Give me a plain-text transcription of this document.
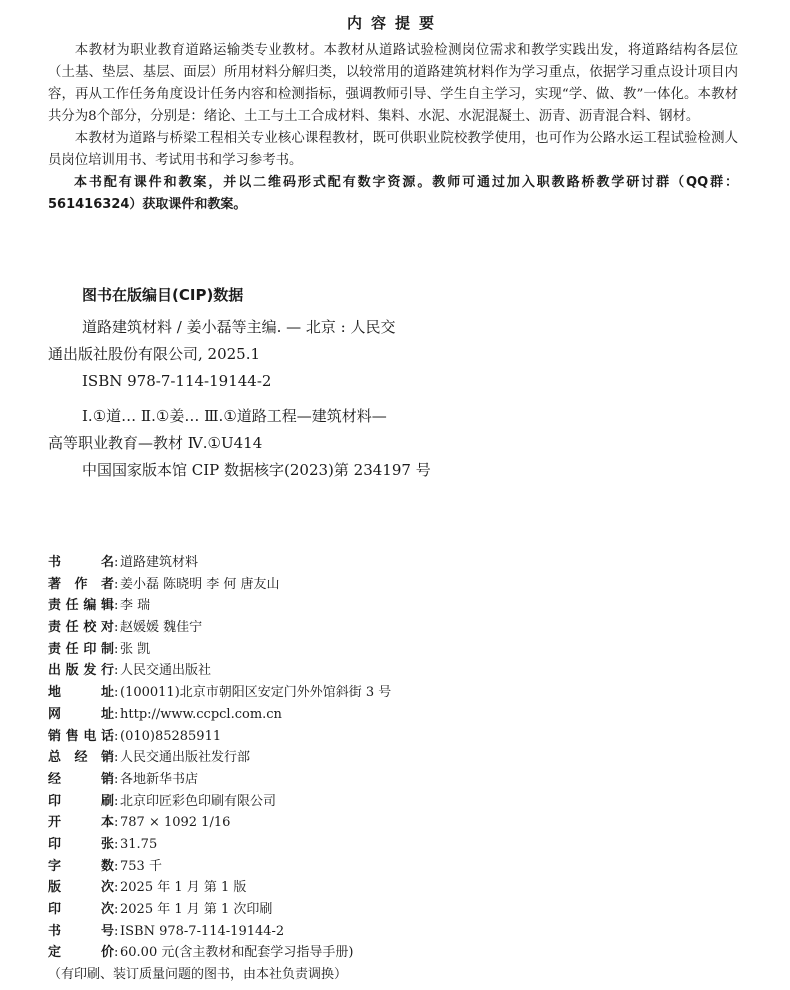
内容提要

本教材为职业教育道路运输类专业教材。本教材从道路试验检测岗位需求和教学实践出发，将道路结构各层位（土基、垫层、基层、面层）所用材料分解归类，以较常用的道路建筑材料作为学习重点，依据学习重点设计项目内容，再从工作任务角度设计任务内容和检测指标，强调教师引导、学生自主学习，实现“学、做、教”一体化。本教材共分为8个部分，分别是：绪论、土工与土工合成材料、集料、水泥、水泥混凝土、沥青、沥青混合料、钢材。

本教材为道路与桥梁工程相关专业核心课程教材，既可供职业院校教学使用，也可作为公路水运工程试验检测人员岗位培训用书、考试用书和学习参考书。

本书配有课件和教案，并以二维码形式配有数字资源。教师可通过加入职教路桥教学研讨群（QQ群：561416324）获取课件和教案。

图书在版编目(CIP)数据
道路建筑材料 / 姜小磊等主编. — 北京 : 人民交
通出版社股份有限公司, 2025.1
ISBN 978-7-114-19144-2
Ⅰ.①道… Ⅱ.①姜… Ⅲ.①道路工程—建筑材料—
高等职业教育—教材 Ⅳ.①U414
中国国家版本馆 CIP 数据核字(2023)第 234197 号
书名 : 道路建筑材料
著作者 : 姜小磊 陈晓明 李 何 唐友山
责任编辑 : 李 瑞
责任校对 : 赵媛媛 魏佳宁
责任印制 : 张 凯
出版发行 : 人民交通出版社
地址 : (100011)北京市朝阳区安定门外外馆斜街 3 号
网址 : http://www.ccpcl.com.cn
销售电话 : (010)85285911
总经销 : 人民交通出版社发行部
经销 : 各地新华书店
印刷 : 北京印匠彩色印刷有限公司
开本 : 787 × 1092 1/16
印张 : 31.75
字数 : 753 千
版次 : 2025 年 1 月 第 1 版
印次 : 2025 年 1 月 第 1 次印刷
书号 : ISBN 978-7-114-19144-2
定价 : 60.00 元(含主教材和配套学习指导手册)
（有印刷、装订质量问题的图书，由本社负责调换）
